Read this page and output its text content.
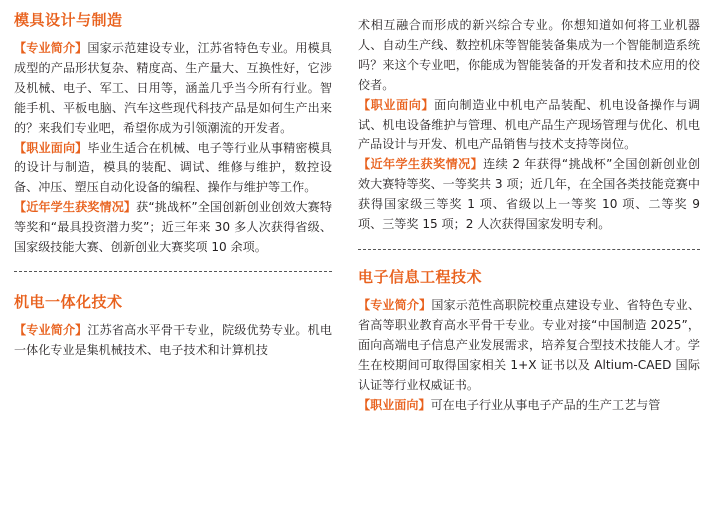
模具设计与制造

【专业简介】国家示范建设专业，江苏省特色专业。用模具成型的产品形状复杂、精度高、生产量大、互换性好，它涉及机械、电子、军工、日用等，涵盖几乎当今所有行业。智能手机、平板电脑、汽车这些现代科技产品是如何生产出来的？来我们专业吧，希望你成为引领潮流的开发者。

【职业面向】毕业生适合在机械、电子等行业从事精密模具的设计与制造，模具的装配、调试、维修与维护，数控设备、冲压、塑压自动化设备的编程、操作与维护等工作。

【近年学生获奖情况】获“挑战杯”全国创新创业创效大赛特等奖和“最具投资潜力奖”；近三年来 30 多人次获得省级、国家级技能大赛、创新创业大赛奖项 10 余项。

机电一体化技术

【专业简介】江苏省高水平骨干专业，院级优势专业。机电一体化专业是集机械技术、电子技术和计算机技

术相互融合而形成的新兴综合专业。你想知道如何将工业机器人、自动生产线、数控机床等智能装备集成为一个智能制造系统吗？来这个专业吧，你能成为智能装备的开发者和技术应用的佼佼者。

【职业面向】面向制造业中机电产品装配、机电设备操作与调试、机电设备维护与管理、机电产品生产现场管理与优化、机电产品设计与开发、机电产品销售与技术支持等岗位。

【近年学生获奖情况】连续 2 年获得“挑战杯”全国创新创业创效大赛特等奖、一等奖共 3 项；近几年，在全国各类技能竞赛中获得国家级三等奖 1 项、省级以上一等奖 10 项、二等奖 9 项、三等奖 15 项；2 人次获得国家发明专利。

电子信息工程技术

【专业简介】国家示范性高职院校重点建设专业、省特色专业、省高等职业教育高水平骨干专业。专业对接“中国制造 2025”，面向高端电子信息产业发展需求，培养复合型技术技能人才。学生在校期间可取得国家相关 1+X 证书以及 Altium-CAED 国际认证等行业权威证书。

【职业面向】可在电子行业从事电子产品的生产工艺与管
